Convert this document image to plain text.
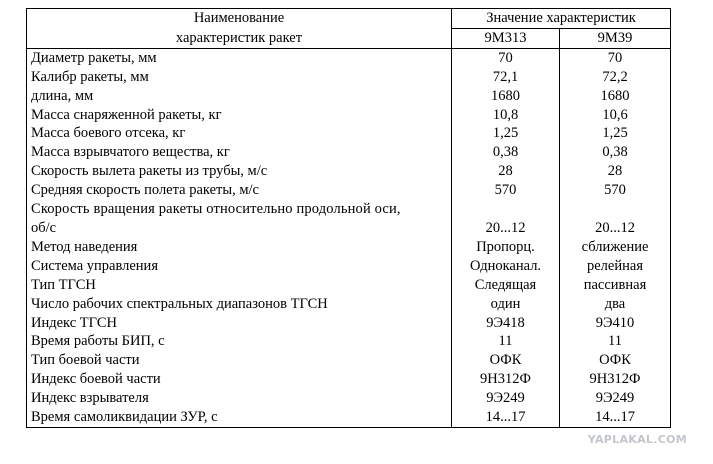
Наименование	Значение характеристик	
характеристик ракет	9М313	9М39
Диаметр ракеты, мм	70	70
Калибр ракеты, мм	72,1	72,2
длина, мм	1680	1680
Масса снаряженной ракеты, кг	10,8	10,6
Масса боевого отсека, кг	1,25	1,25
Масса взрывчатого вещества, кг	0,38	0,38
Скорость вылета ракеты из трубы, м/с	28	28
Средняя скорость полета ракеты, м/с	570	570
Скорость вращения ракеты относительно продольной оси,		
об/с	20...12	20...12
Метод наведения	Пропорц.	сближение
Система управления	Одноканал.	релейная
Тип ТГСН	Следящая	пассивная
Число рабочих спектральных диапазонов ТГСН	один	два
Индекс ТГСН	9Э418	9Э410
Время работы БИП, с	11	11
Тип боевой части	ОФК	ОФК
Индекс боевой части	9Н312Ф	9Н312Ф
Индекс взрывателя	9Э249	9Э249
Время самоликвидации ЗУР, с	14...17	14...17
YAPLAKAL.COM
